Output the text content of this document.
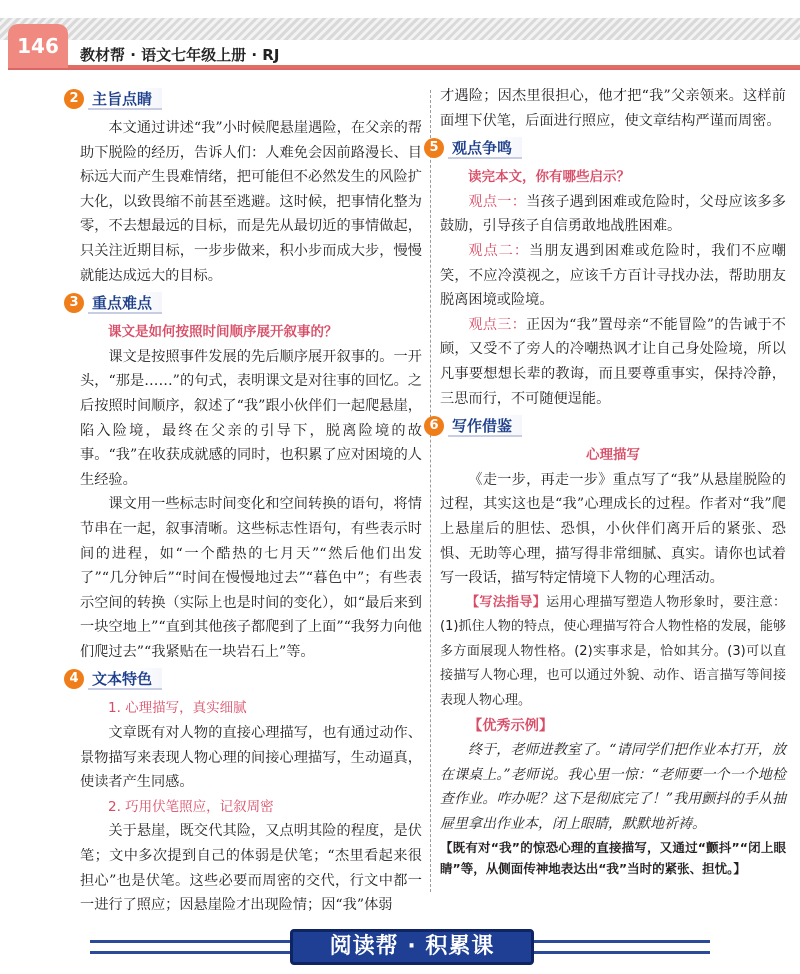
146	教材帮 · 语文七年级上册 · RJ
2 主旨点睛

本文通过讲述“我”小时候爬悬崖遇险，在父亲的帮助下脱险的经历，告诉人们：人难免会因前路漫长、目标远大而产生畏难情绪，把可能但不必然发生的风险扩大化，以致畏缩不前甚至逃避。这时候，把事情化整为零，不去想最远的目标，而是先从最切近的事情做起，只关注近期目标，一步步做来，积小步而成大步，慢慢就能达成远大的目标。

3 重点难点
课文是如何按照时间顺序展开叙事的？

课文是按照事件发展的先后顺序展开叙事的。一开头，“那是……”的句式，表明课文是对往事的回忆。之后按照时间顺序，叙述了“我”跟小伙伴们一起爬悬崖，陷入险境，最终在父亲的引导下，脱离险境的故事。“我”在收获成就感的同时，也积累了应对困境的人生经验。

课文用一些标志时间变化和空间转换的语句，将情节串在一起，叙事清晰。这些标志性语句，有些表示时间的进程，如“一个酷热的七月天”“然后他们出发了”“几分钟后”“时间在慢慢地过去”“暮色中”；有些表示空间的转换（实际上也是时间的变化），如“最后来到一块空地上”“直到其他孩子都爬到了上面”“我努力向他们爬过去”“我紧贴在一块岩石上”等。

4 文本特色
1. 心理描写，真实细腻

文章既有对人物的直接心理描写，也有通过动作、景物描写来表现人物心理的间接心理描写，生动逼真，使读者产生同感。

2. 巧用伏笔照应，记叙周密

关于悬崖，既交代其险，又点明其险的程度，是伏笔；文中多次提到自己的体弱是伏笔；“杰里看起来很担心”也是伏笔。这些必要而周密的交代，行文中都一一进行了照应；因悬崖险才出现险情；因“我”体弱

才遇险；因杰里很担心，他才把“我”父亲领来。这样前面埋下伏笔，后面进行照应，使文章结构严谨而周密。

5 观点争鸣
读完本文，你有哪些启示？

观点一：当孩子遇到困难或危险时，父母应该多多鼓励，引导孩子自信勇敢地战胜困难。

观点二：当朋友遇到困难或危险时，我们不应嘲笑，不应冷漠视之，应该千方百计寻找办法，帮助朋友脱离困境或险境。

观点三：正因为“我”置母亲“不能冒险”的告诫于不顾，又受不了旁人的冷嘲热讽才让自己身处险境，所以凡事要想想长辈的教诲，而且要尊重事实，保持冷静，三思而行，不可随便逞能。

6 写作借鉴
心理描写

《走一步，再走一步》重点写了“我”从悬崖脱险的过程，其实这也是“我”心理成长的过程。作者对“我”爬上悬崖后的胆怯、恐惧，小伙伴们离开后的紧张、恐惧、无助等心理，描写得非常细腻、真实。请你也试着写一段话，描写特定情境下人物的心理活动。

【写法指导】运用心理描写塑造人物形象时，要注意：(1)抓住人物的特点，使心理描写符合人物性格的发展，能够多方面展现人物性格。(2)实事求是，恰如其分。(3)可以直接描写人物心理，也可以通过外貌、动作、语言描写等间接表现人物心理。

【优秀示例】

终于，老师进教室了。“请同学们把作业本打开，放在课桌上。”老师说。我心里一惊：“老师要一个一个地检查作业。咋办呢？这下是彻底完了！”我用颤抖的手从抽屉里拿出作业本，闭上眼睛，默默地祈祷。

【既有对“我”的惊恐心理的直接描写，又通过“颤抖”“闭上眼睛”等，从侧面传神地表达出“我”当时的紧张、担忧。】

阅读帮 · 积累课
